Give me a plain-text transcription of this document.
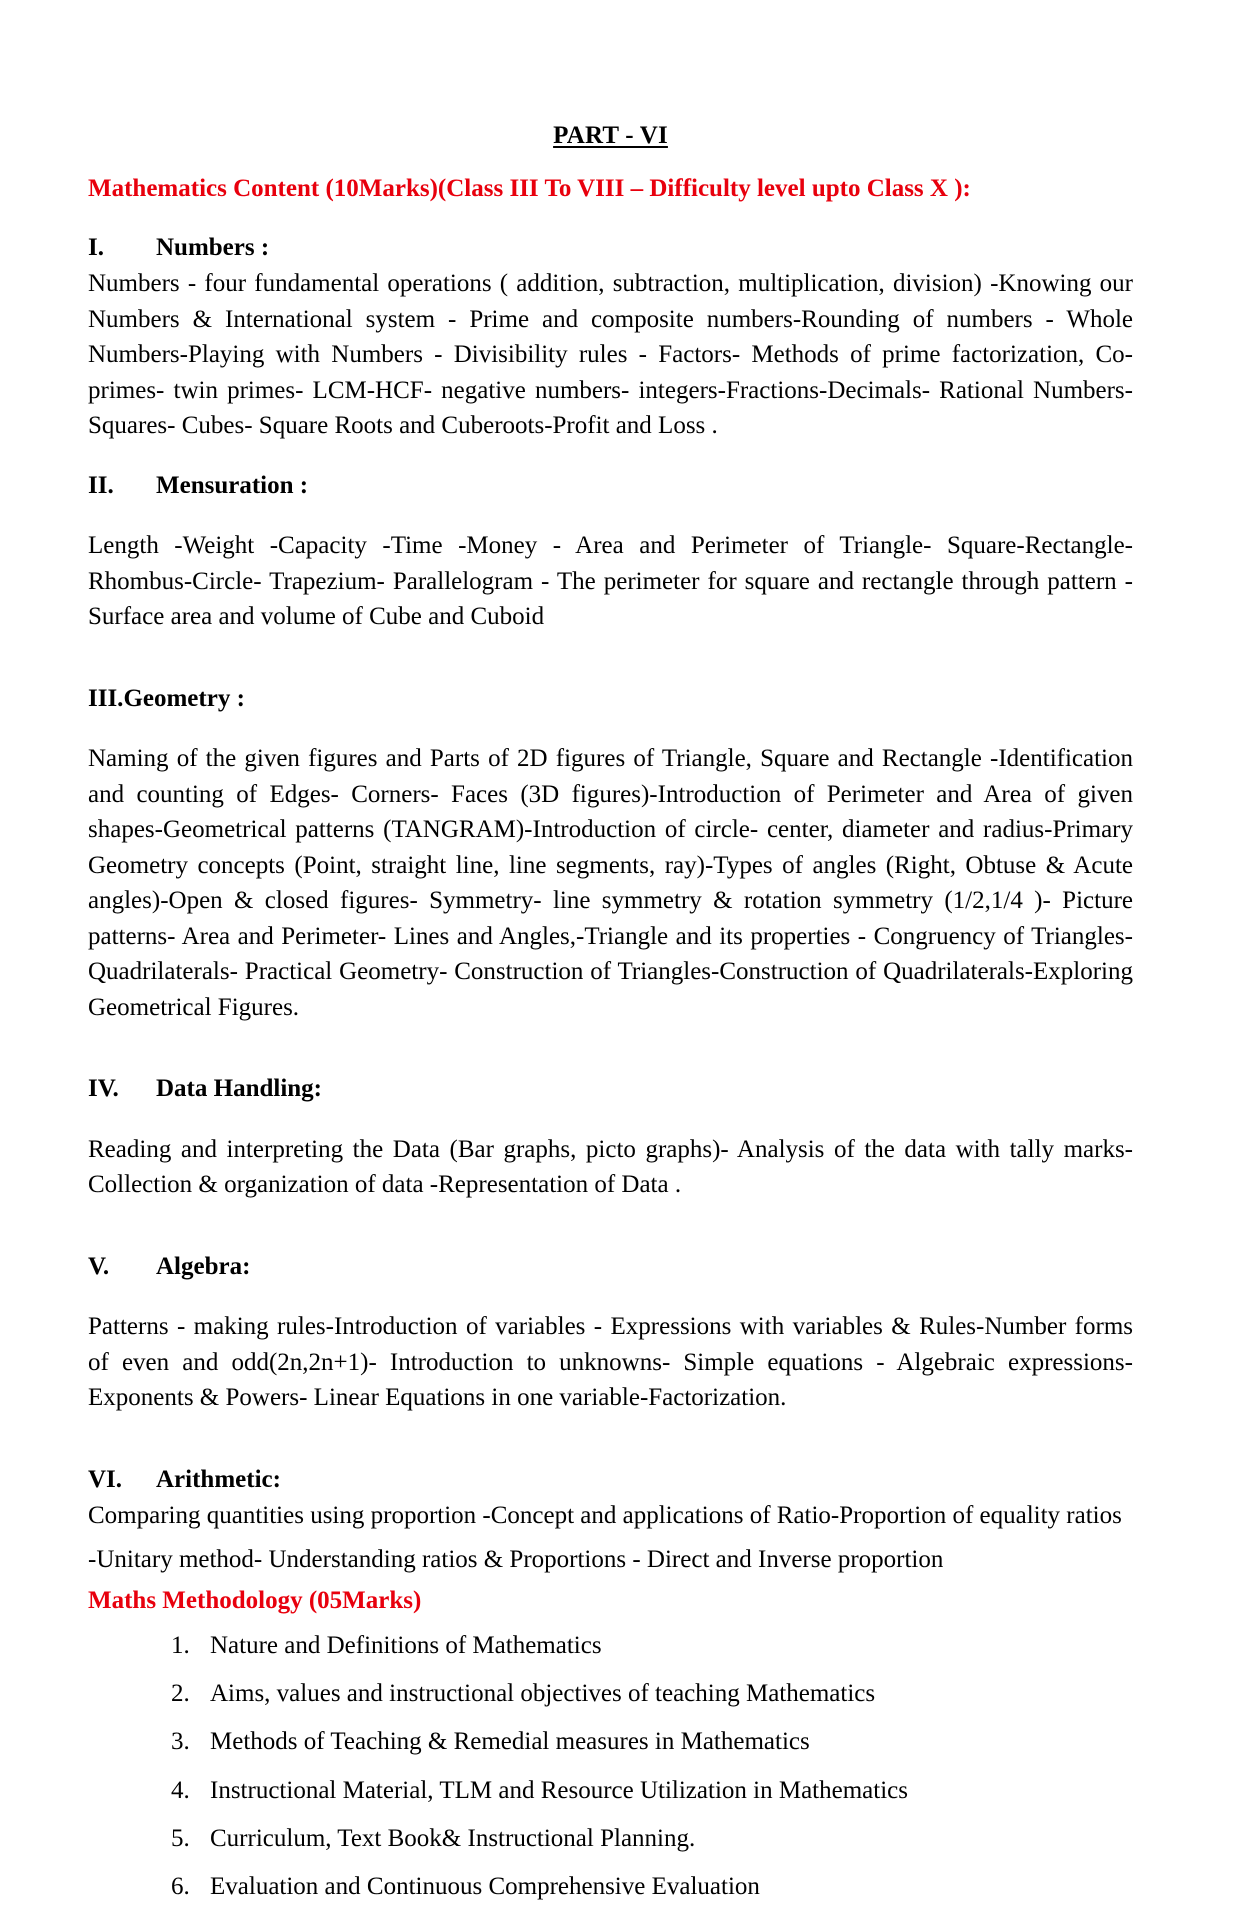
PART - VI
Mathematics Content (10Marks)(Class III To VIII – Difficulty level upto Class X ):
I. Numbers :

Numbers - four fundamental operations ( addition, subtraction, multiplication, division) -Knowing our Numbers & International system - Prime and composite numbers-Rounding of numbers - Whole Numbers-Playing with Numbers - Divisibility rules - Factors- Methods of prime factorization, Co-primes- twin primes- LCM-HCF- negative numbers- integers-Fractions-Decimals- Rational Numbers-Squares- Cubes- Square Roots and Cuberoots-Profit and Loss .

II. Mensuration :

Length -Weight -Capacity -Time -Money - Area and Perimeter of Triangle- Square-Rectangle-Rhombus-Circle- Trapezium- Parallelogram - The perimeter for square and rectangle through pattern - Surface area and volume of Cube and Cuboid

III.Geometry :

Naming of the given figures and Parts of 2D figures of Triangle, Square and Rectangle -Identification and counting of Edges- Corners- Faces (3D figures)-Introduction of Perimeter and Area of given shapes-Geometrical patterns (TANGRAM)-Introduction of circle- center, diameter and radius-Primary Geometry concepts (Point, straight line, line segments, ray)-Types of angles (Right, Obtuse & Acute angles)-Open & closed figures- Symmetry- line symmetry & rotation symmetry (1/2,1/4 )- Picture patterns- Area and Perimeter- Lines and Angles,-Triangle and its properties - Congruency of Triangles-Quadrilaterals- Practical Geometry- Construction of Triangles-Construction of Quadrilaterals-Exploring Geometrical Figures.

IV. Data Handling:

Reading and interpreting the Data (Bar graphs, picto graphs)- Analysis of the data with tally marks-Collection & organization of data -Representation of Data .

V. Algebra:

Patterns - making rules-Introduction of variables - Expressions with variables & Rules-Number forms of even and odd(2n,2n+1)- Introduction to unknowns- Simple equations - Algebraic expressions-Exponents & Powers- Linear Equations in one variable-Factorization.

VI. Arithmetic:

Comparing quantities using proportion -Concept and applications of Ratio-Proportion of equality ratios

-Unitary method- Understanding ratios & Proportions - Direct and Inverse proportion

Maths Methodology (05Marks)
1. Nature and Definitions of Mathematics
2. Aims, values and instructional objectives of teaching Mathematics
3. Methods of Teaching & Remedial measures in Mathematics
4. Instructional Material, TLM and Resource Utilization in Mathematics
5. Curriculum, Text Book& Instructional Planning.
6. Evaluation and Continuous Comprehensive Evaluation
